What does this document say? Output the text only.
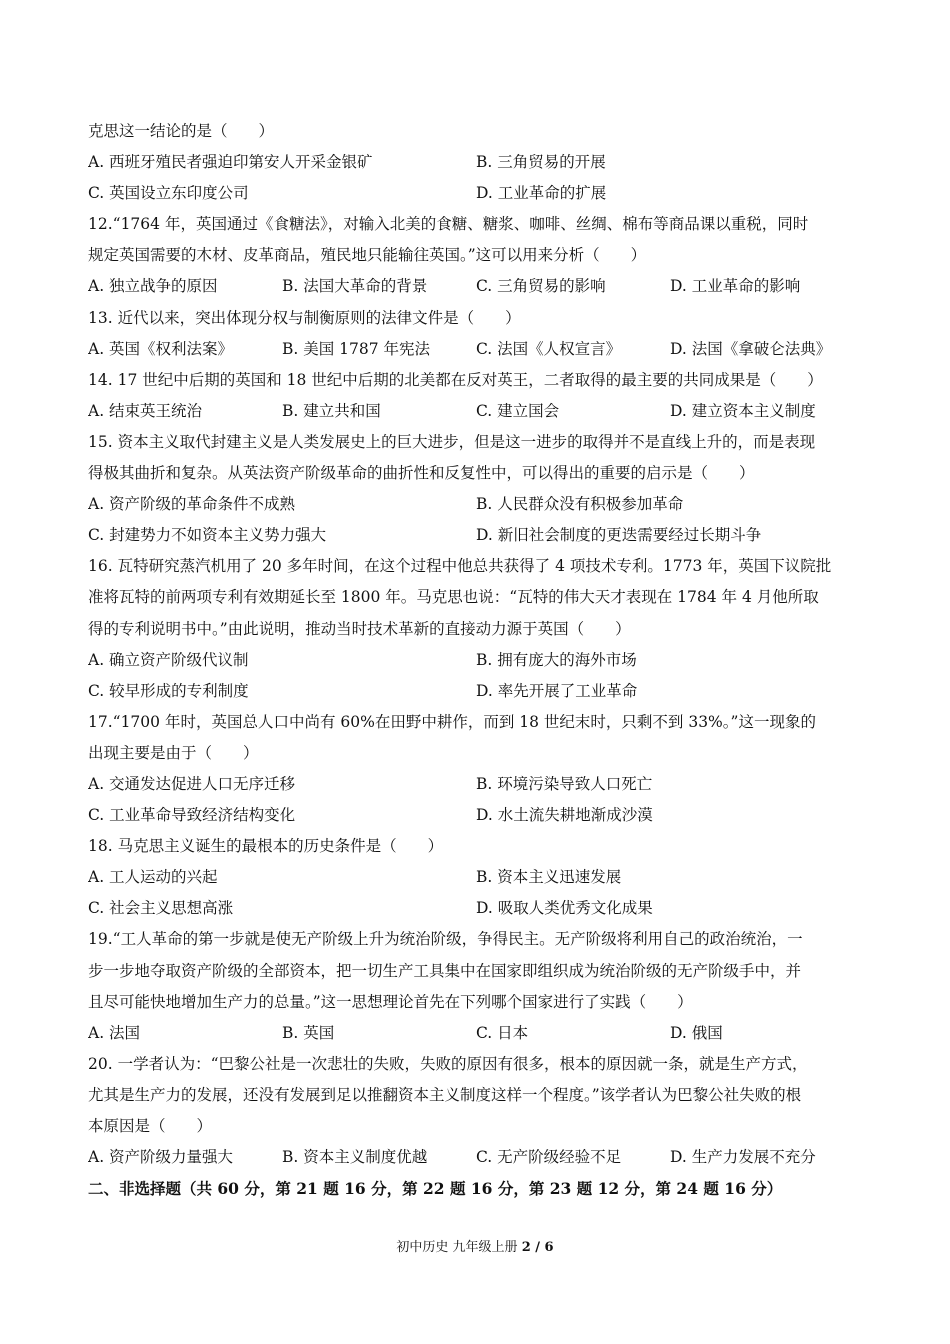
克思这一结论的是（　　）
A. 西班牙殖民者强迫印第安人开采金银矿	B. 三角贸易的开展
C. 英国设立东印度公司	D. 工业革命的扩展
12.“1764 年，英国通过《食糖法》，对输入北美的食糖、糖浆、咖啡、丝绸、棉布等商品课以重税，同时
规定英国需要的木材、皮革商品，殖民地只能输往英国。”这可以用来分析（　　）
A. 独立战争的原因	B. 法国大革命的背景	C. 三角贸易的影响	D. 工业革命的影响
13. 近代以来，突出体现分权与制衡原则的法律文件是（　　）
A. 英国《权利法案》	B. 美国 1787 年宪法	C. 法国《人权宣言》	D. 法国《拿破仑法典》
14. 17 世纪中后期的英国和 18 世纪中后期的北美都在反对英王，二者取得的最主要的共同成果是（　　）
A. 结束英王统治	B. 建立共和国	C. 建立国会	D. 建立资本主义制度
15. 资本主义取代封建主义是人类发展史上的巨大进步，但是这一进步的取得并不是直线上升的，而是表现
得极其曲折和复杂。从英法资产阶级革命的曲折性和反复性中，可以得出的重要的启示是（　　）
A. 资产阶级的革命条件不成熟	B. 人民群众没有积极参加革命
C. 封建势力不如资本主义势力强大	D. 新旧社会制度的更迭需要经过长期斗争
16. 瓦特研究蒸汽机用了 20 多年时间，在这个过程中他总共获得了 4 项技术专利。1773 年，英国下议院批
准将瓦特的前两项专利有效期延长至 1800 年。马克思也说：“瓦特的伟大天才表现在 1784 年 4 月他所取
得的专利说明书中。”由此说明，推动当时技术革新的直接动力源于英国（　　）
A. 确立资产阶级代议制	B. 拥有庞大的海外市场
C. 较早形成的专利制度	D. 率先开展了工业革命
17.“1700 年时，英国总人口中尚有 60%在田野中耕作，而到 18 世纪末时，只剩不到 33%。”这一现象的
出现主要是由于（　　）
A. 交通发达促进人口无序迁移	B. 环境污染导致人口死亡
C. 工业革命导致经济结构变化	D. 水土流失耕地渐成沙漠
18. 马克思主义诞生的最根本的历史条件是（　　）
A. 工人运动的兴起	B. 资本主义迅速发展
C. 社会主义思想高涨	D. 吸取人类优秀文化成果
19.“工人革命的第一步就是使无产阶级上升为统治阶级，争得民主。无产阶级将利用自己的政治统治，一
步一步地夺取资产阶级的全部资本，把一切生产工具集中在国家即组织成为统治阶级的无产阶级手中，并
且尽可能快地增加生产力的总量。”这一思想理论首先在下列哪个国家进行了实践（　　）
A. 法国	B. 英国	C. 日本	D. 俄国
20. 一学者认为：“巴黎公社是一次悲壮的失败，失败的原因有很多，根本的原因就一条，就是生产方式，
尤其是生产力的发展，还没有发展到足以推翻资本主义制度这样一个程度。”该学者认为巴黎公社失败的根
本原因是（　　）
A. 资产阶级力量强大	B. 资本主义制度优越	C. 无产阶级经验不足	D. 生产力发展不充分
二、非选择题（共 60 分，第 21 题 16 分，第 22 题 16 分，第 23 题 12 分，第 24 题 16 分）
初中历史 九年级上册 2 / 6
